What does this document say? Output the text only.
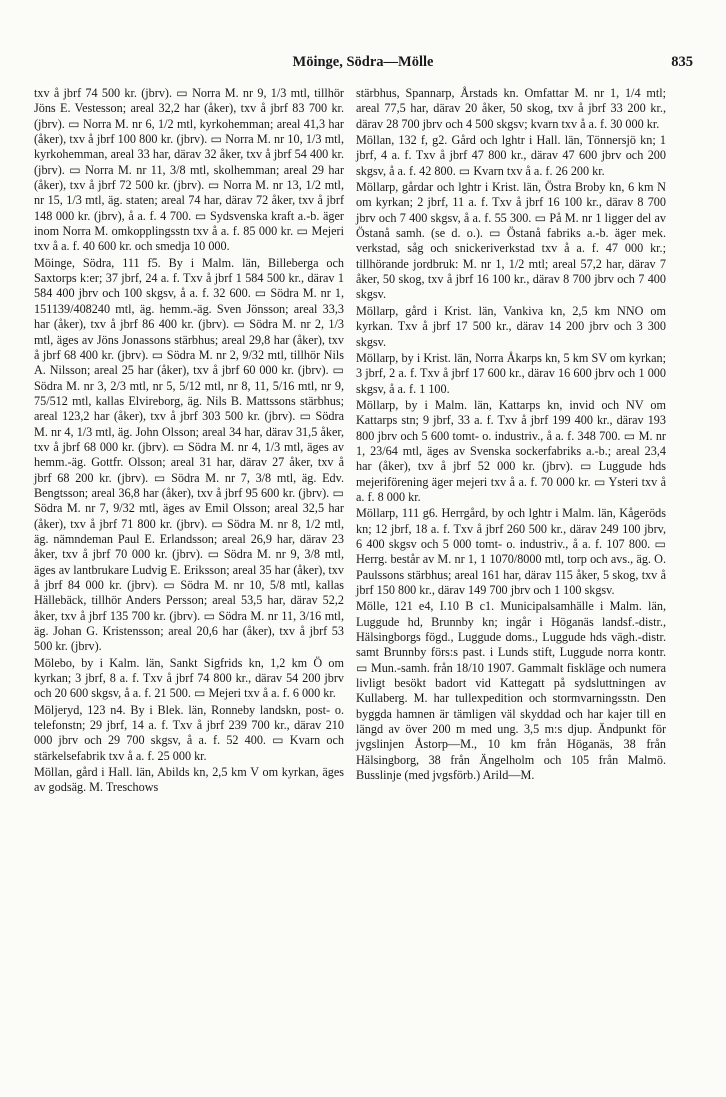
Möinge, Södra—Mölle	835

txv å jbrf 74 500 kr. (jbrv). ▭ Norra M. nr 9, 1/3 mtl, tillhör Jöns E. Vestesson; areal 32,2 har (åker), txv å jbrf 83 700 kr. (jbrv). ▭ Norra M. nr 6, 1/2 mtl, kyrkohemman; areal 41,3 har (åker), txv å jbrf 100 800 kr. (jbrv). ▭ Norra M. nr 10, 1/3 mtl, kyrkohemman, areal 33 har, därav 32 åker, txv å jbrf 54 400 kr. (jbrv). ▭ Norra M. nr 11, 3/8 mtl, skolhemman; areal 29 har (åker), txv å jbrf 72 500 kr. (jbrv). ▭ Norra M. nr 13, 1/2 mtl, nr 15, 1/3 mtl, äg. staten; areal 74 har, därav 72 åker, txv å jbrf 148 000 kr. (jbrv), å a. f. 4 700. ▭ Sydsvenska kraft a.-b. äger inom Norra M. omkopplingsstn txv å a. f. 85 000 kr. ▭ Mejeri txv å a. f. 40 600 kr. och smedja 10 000.

Möinge, Södra, 111 f5. By i Malm. län, Billeberga och Saxtorps k:er; 37 jbrf, 24 a. f. Txv å jbrf 1 584 500 kr., därav 1 584 400 jbrv och 100 skgsv, å a. f. 32 600. ▭ Södra M. nr 1, 151139/408240 mtl, äg. hemm.-äg. Sven Jönsson; areal 33,3 har (åker), txv å jbrf 86 400 kr. (jbrv). ▭ Södra M. nr 2, 1/3 mtl, äges av Jöns Jonassons stärbhus; areal 29,8 har (åker), txv å jbrf 68 400 kr. (jbrv). ▭ Södra M. nr 2, 9/32 mtl, tillhör Nils A. Nilsson; areal 25 har (åker), txv å jbrf 60 000 kr. (jbrv). ▭ Södra M. nr 3, 2/3 mtl, nr 5, 5/12 mtl, nr 8, 11, 5/16 mtl, nr 9, 75/512 mtl, kallas Elvireborg, äg. Nils B. Mattssons stärbhus; areal 123,2 har (åker), txv å jbrf 303 500 kr. (jbrv). ▭ Södra M. nr 4, 1/3 mtl, äg. John Olsson; areal 34 har, därav 31,5 åker, txv å jbrf 68 000 kr. (jbrv). ▭ Södra M. nr 4, 1/3 mtl, äges av hemm.-äg. Gottfr. Olsson; areal 31 har, därav 27 åker, txv å jbrf 68 200 kr. (jbrv). ▭ Södra M. nr 7, 3/8 mtl, äg. Edv. Bengtsson; areal 36,8 har (åker), txv å jbrf 95 600 kr. (jbrv). ▭ Södra M. nr 7, 9/32 mtl, äges av Emil Olsson; areal 32,5 har (åker), txv å jbrf 71 800 kr. (jbrv). ▭ Södra M. nr 8, 1/2 mtl, äg. nämndeman Paul E. Erlandsson; areal 26,9 har, därav 23 åker, txv å jbrf 70 000 kr. (jbrv). ▭ Södra M. nr 9, 3/8 mtl, äges av lantbrukare Ludvig E. Eriksson; areal 35 har (åker), txv å jbrf 84 000 kr. (jbrv). ▭ Södra M. nr 10, 5/8 mtl, kallas Hällebäck, tillhör Anders Persson; areal 53,5 har, därav 52,2 åker, txv å jbrf 135 700 kr. (jbrv). ▭ Södra M. nr 11, 3/16 mtl, äg. Johan G. Kristensson; areal 20,6 har (åker), txv å jbrf 53 500 kr. (jbrv).

Mölebo, by i Kalm. län, Sankt Sigfrids kn, 1,2 km Ö om kyrkan; 3 jbrf, 8 a. f. Txv å jbrf 74 800 kr., därav 54 200 jbrv och 20 600 skgsv, å a. f. 21 500. ▭ Mejeri txv å a. f. 6 000 kr.

Möljeryd, 123 n4. By i Blek. län, Ronneby landskn, post- o. telefonstn; 29 jbrf, 14 a. f. Txv å jbrf 239 700 kr., därav 210 000 jbrv och 29 700 skgsv, å a. f. 52 400. ▭ Kvarn och stärkelsefabrik txv å a. f. 25 000 kr.

Möllan, gård i Hall. län, Abilds kn, 2,5 km V om kyrkan, äges av godsäg. M. Treschows

stärbhus, Spannarp, Årstads kn. Omfattar M. nr 1, 1/4 mtl; areal 77,5 har, därav 20 åker, 50 skog, txv å jbrf 33 200 kr., därav 28 700 jbrv och 4 500 skgsv; kvarn txv å a. f. 30 000 kr.

Möllan, 132 f, g2. Gård och lghtr i Hall. län, Tönnersjö kn; 1 jbrf, 4 a. f. Txv å jbrf 47 800 kr., därav 47 600 jbrv och 200 skgsv, å a. f. 42 800. ▭ Kvarn txv å a. f. 26 200 kr.

Möllarp, gårdar och lghtr i Krist. län, Östra Broby kn, 6 km N om kyrkan; 2 jbrf, 11 a. f. Txv å jbrf 16 100 kr., därav 8 700 jbrv och 7 400 skgsv, å a. f. 55 300. ▭ På M. nr 1 ligger del av Östanå samh. (se d. o.). ▭ Östanå fabriks a.-b. äger mek. verkstad, såg och snickeriverkstad txv å a. f. 47 000 kr.; tillhörande jordbruk: M. nr 1, 1/2 mtl; areal 57,2 har, därav 7 åker, 50 skog, txv å jbrf 16 100 kr., därav 8 700 jbrv och 7 400 skgsv.

Möllarp, gård i Krist. län, Vankiva kn, 2,5 km NNO om kyrkan. Txv å jbrf 17 500 kr., därav 14 200 jbrv och 3 300 skgsv.

Möllarp, by i Krist. län, Norra Åkarps kn, 5 km SV om kyrkan; 3 jbrf, 2 a. f. Txv å jbrf 17 600 kr., därav 16 600 jbrv och 1 000 skgsv, å a. f. 1 100.

Möllarp, by i Malm. län, Kattarps kn, invid och NV om Kattarps stn; 9 jbrf, 33 a. f. Txv å jbrf 199 400 kr., därav 193 800 jbrv och 5 600 tomt- o. industriv., å a. f. 348 700. ▭ M. nr 1, 23/64 mtl, äges av Svenska sockerfabriks a.-b.; areal 23,4 har (åker), txv å jbrf 52 000 kr. (jbrv). ▭ Luggude hds mejeriförening äger mejeri txv å a. f. 70 000 kr. ▭ Ysteri txv å a. f. 8 000 kr.

Möllarp, 111 g6. Herrgård, by och lghtr i Malm. län, Kågeröds kn; 12 jbrf, 18 a. f. Txv å jbrf 260 500 kr., därav 249 100 jbrv, 6 400 skgsv och 5 000 tomt- o. industriv., å a. f. 107 800. ▭ Herrg. består av M. nr 1, 1 1070/8000 mtl, torp och avs., äg. O. Paulssons stärbhus; areal 161 har, därav 115 åker, 5 skog, txv å jbrf 150 800 kr., därav 149 700 jbrv och 1 100 skgsv.

Mölle, 121 e4, I.10 B c1. Municipalsamhälle i Malm. län, Luggude hd, Brunnby kn; ingår i Höganäs landsf.-distr., Hälsingborgs fögd., Luggude doms., Luggude hds vägh.-distr. samt Brunnby förs:s past. i Lunds stift, Luggude norra kontr. ▭ Mun.-samh. från 18/10 1907. Gammalt fiskläge och numera livligt besökt badort vid Kattegatt på sydsluttningen av Kullaberg. M. har tullexpedition och stormvarningsstn. Den byggda hamnen är tämligen väl skyddad och har kajer till en längd av över 200 m med ung. 3,5 m:s djup. Ändpunkt för jvgslinjen Åstorp—M., 10 km från Höganäs, 38 från Hälsingborg, 38 från Ängelholm och 105 från Malmö. Busslinje (med jvgsförb.) Arild—M.
